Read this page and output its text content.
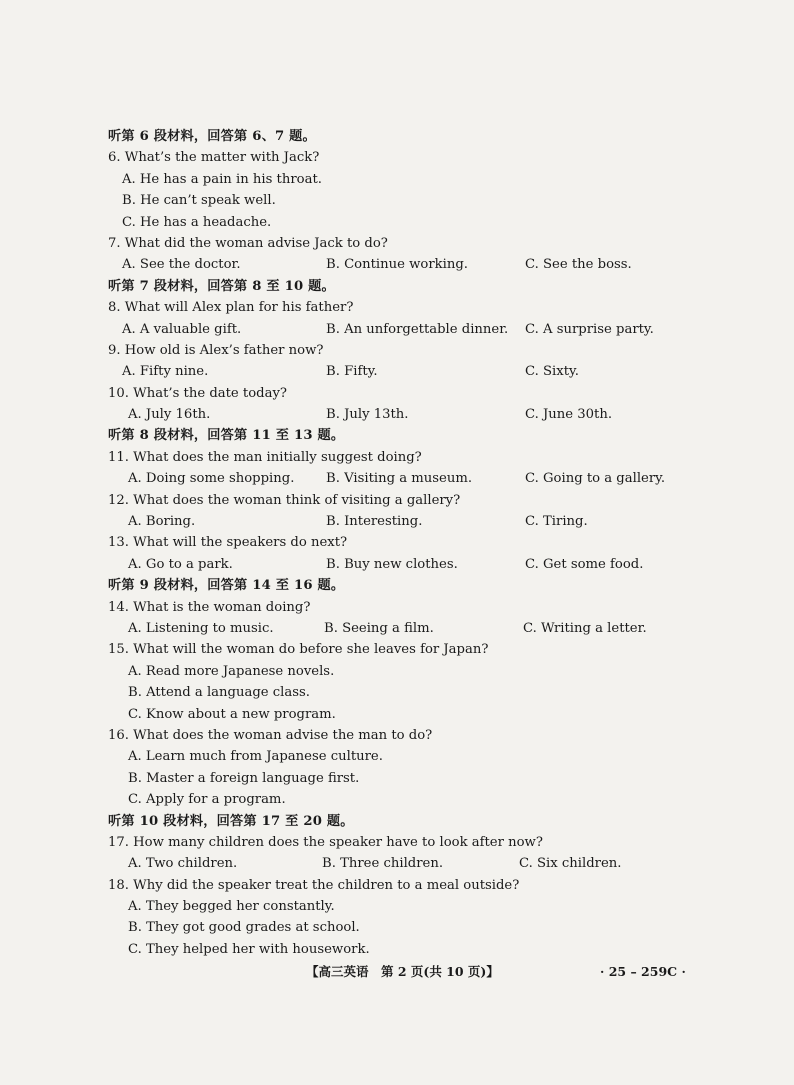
听第 6 段材料，回答第 6、7 题。
6. What’s the matter with Jack?
A. He has a pain in his throat.
B. He can’t speak well.
C. He has a headache.
7. What did the woman advise Jack to do?
A. See the doctor.	B. Continue working.	C. See the boss.
听第 7 段材料，回答第 8 至 10 题。
8. What will Alex plan for his father?
A. A valuable gift.	B. An unforgettable dinner. C. A surprise party.
9. How old is Alex’s father now?
A. Fifty nine.	B. Fifty.	C. Sixty.
10. What’s the date today?
A. July 16th.	B. July 13th.	C. June 30th.
听第 8 段材料，回答第 11 至 13 题。
11. What does the man initially suggest doing?
A. Doing some shopping. B. Visiting a museum.	C. Going to a gallery.
12. What does the woman think of visiting a gallery?
A. Boring.	B. Interesting.	C. Tiring.
13. What will the speakers do next?
A. Go to a park.	B. Buy new clothes.	C. Get some food.
听第 9 段材料，回答第 14 至 16 题。
14. What is the woman doing?
A. Listening to music.	B. Seeing a film.	C. Writing a letter.
15. What will the woman do before she leaves for Japan?
A. Read more Japanese novels.
B. Attend a language class.
C. Know about a new program.
16. What does the woman advise the man to do?
A. Learn much from Japanese culture.
B. Master a foreign language first.
C. Apply for a program.
听第 10 段材料，回答第 17 至 20 题。
17. How many children does the speaker have to look after now?
A. Two children.	B. Three children.	C. Six children.
18. Why did the speaker treat the children to a meal outside?
A. They begged her constantly.
B. They got good grades at school.
C. They helped her with housework.
【高三英语　第 2 页(共 10 页)】	· 25 – 259C ·
